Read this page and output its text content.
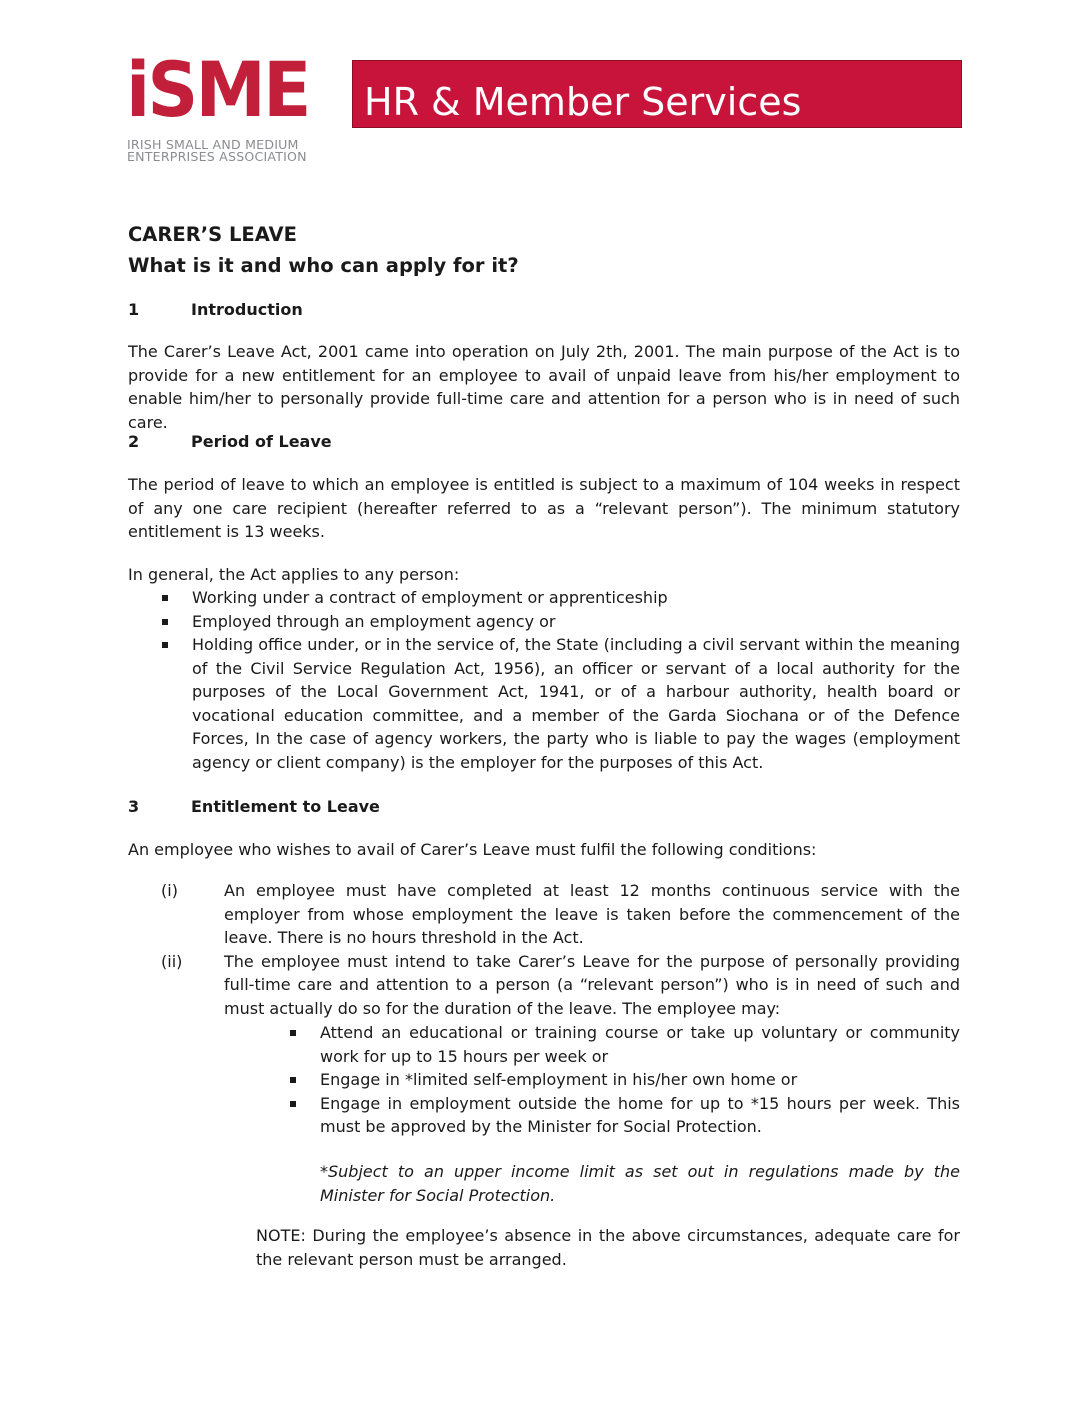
iSME
IRISH SMALL AND MEDIUM
ENTERPRISES ASSOCIATION
HR & Member Services
CARER’S LEAVE
What is it and who can apply for it?
1	Introduction
The Carer’s Leave Act, 2001 came into operation on July 2th, 2001. The main purpose of the Act is to provide for a new entitlement for an employee to avail of unpaid leave from his/her employment to enable him/her to personally provide full-time care and attention for a person who is in need of such care.
2	Period of Leave
The period of leave to which an employee is entitled is subject to a maximum of 104 weeks in respect of any one care recipient (hereafter referred to as a “relevant person”). The minimum statutory entitlement is 13 weeks.
In general, the Act applies to any person:
Working under a contract of employment or apprenticeship
Employed through an employment agency or
Holding office under, or in the service of, the State (including a civil servant within the meaning of the Civil Service Regulation Act, 1956), an officer or servant of a local authority for the purposes of the Local Government Act, 1941, or of a harbour authority, health board or vocational education committee, and a member of the Garda Siochana or of the Defence Forces, In the case of agency workers, the party who is liable to pay the wages (employment agency or client company) is the employer for the purposes of this Act.
3	Entitlement to Leave
An employee who wishes to avail of Carer’s Leave must fulfil the following conditions:
(i)	An employee must have completed at least 12 months continuous service with the employer from whose employment the leave is taken before the commencement of the leave. There is no hours threshold in the Act.
(ii)	The employee must intend to take Carer’s Leave for the purpose of personally providing full-time care and attention to a person (a “relevant person”) who is in need of such and must actually do so for the duration of the leave. The employee may:
Attend an educational or training course or take up voluntary or community work for up to 15 hours per week or
Engage in *limited self-employment in his/her own home or
Engage in employment outside the home for up to *15 hours per week. This must be approved by the Minister for Social Protection.
*Subject to an upper income limit as set out in regulations made by the Minister for Social Protection.
NOTE: During the employee’s absence in the above circumstances, adequate care for the relevant person must be arranged.
